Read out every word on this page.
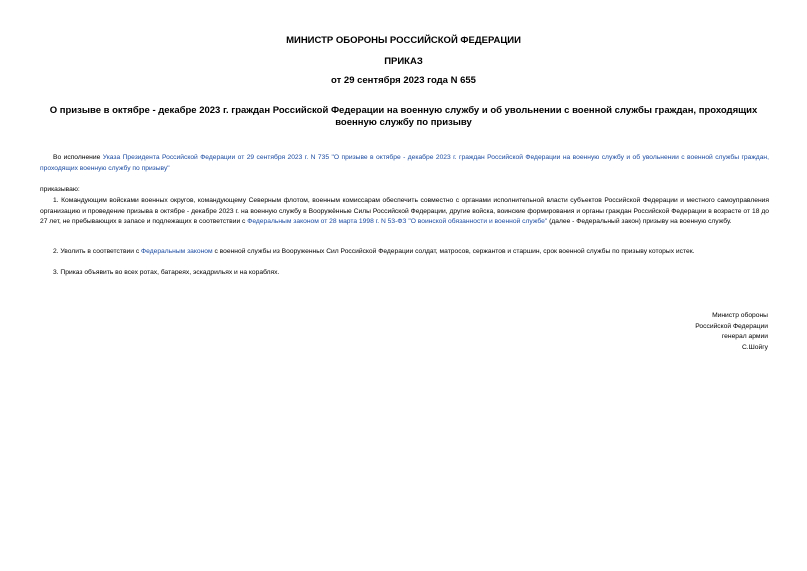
МИНИСТР ОБОРОНЫ РОССИЙСКОЙ ФЕДЕРАЦИИ
ПРИКАЗ
от 29 сентября 2023 года N 655
О призыве в октябре - декабре 2023 г. граждан Российской Федерации на военную службу и об увольнении с военной службы граждан, проходящих военную службу по призыву
Во исполнение Указа Президента Российской Федерации от 29 сентября 2023 г. N 735 "О призыве в октябре - декабре 2023 г. граждан Российской Федерации на военную службу и об увольнении с военной службы граждан, проходящих военную службу по призыву"
приказываю:
1. Командующим войсками военных округов, командующему Северным флотом, военным комиссарам обеспечить совместно с органами исполнительной власти субъектов Российской Федерации и местного самоуправления организацию и проведение призыва в октябре - декабре 2023 г. на военную службу в Вооружённые Силы Российской Федерации, другие войска, воинские формирования и органы граждан Российской Федерации в возрасте от 18 до 27 лет, не пребывающих в запасе и подлежащих в соответствии с Федеральным законом от 28 марта 1998 г. N 53-ФЗ "О воинской обязанности и военной службе" (далее - Федеральный закон) призыву на военную службу.
2. Уволить в соответствии с Федеральным законом с военной службы из Вооруженных Сил Российской Федерации солдат, матросов, сержантов и старшин, срок военной службы по призыву которых истек.
3. Приказ объявить во всех ротах, батареях, эскадрильях и на кораблях.
Министр обороны
Российской Федерации
генерал армии
С.Шойгу
